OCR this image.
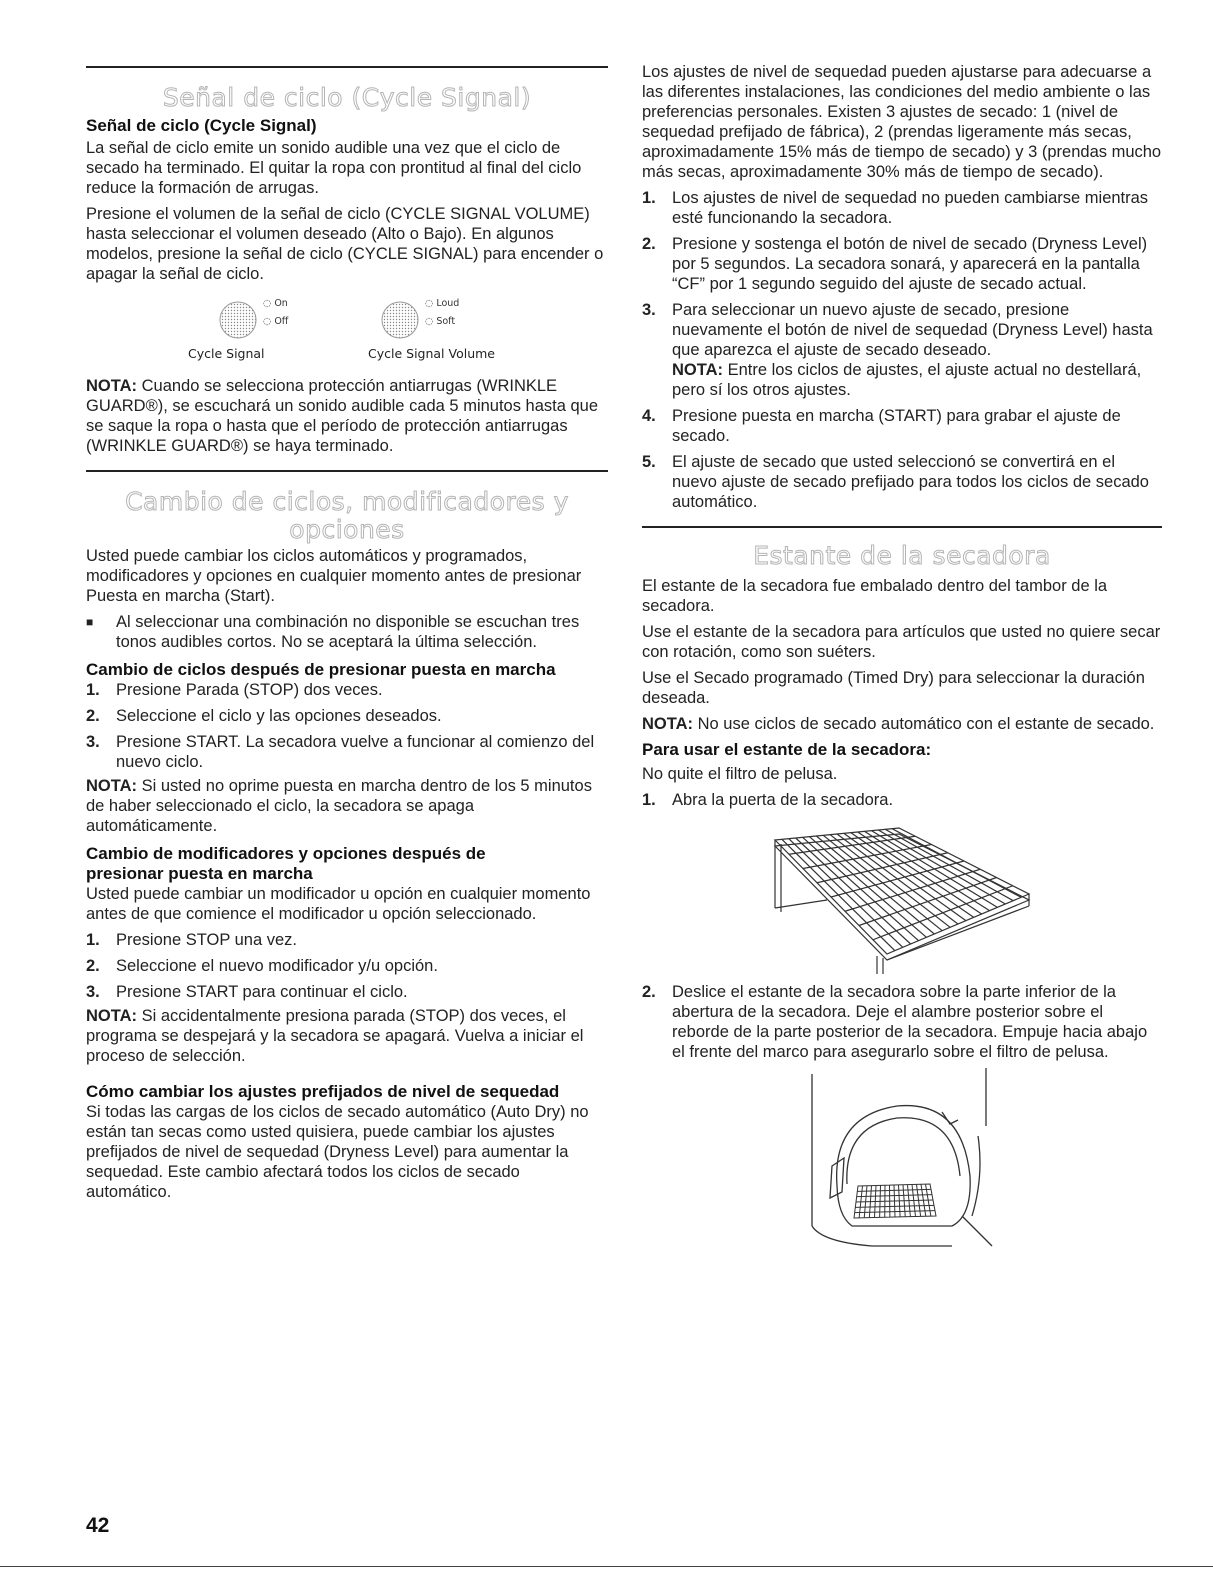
Señal de ciclo (Cycle Signal)
Señal de ciclo (Cycle Signal)

La señal de ciclo emite un sonido audible una vez que el ciclo de secado ha terminado. El quitar la ropa con prontitud al final del ciclo reduce la formación de arrugas.

Presione el volumen de la señal de ciclo (CYCLE SIGNAL VOLUME) hasta seleccionar el volumen deseado (Alto o Bajo). En algunos modelos, presione la señal de ciclo (CYCLE SIGNAL) para encender o apagar la señal de ciclo.

◌ On
◌ Off
Cycle Signal
◌ Loud
◌ Soft
Cycle Signal Volume

NOTA: Cuando se selecciona protección antiarrugas (WRINKLE GUARD®), se escuchará un sonido audible cada 5 minutos hasta que se saque la ropa o hasta que el período de protección antiarrugas (WRINKLE GUARD®) se haya terminado.

Cambio de ciclos, modificadores y
opciones

Usted puede cambiar los ciclos automáticos y programados, modificadores y opciones en cualquier momento antes de presionar Puesta en marcha (Start).

■	Al seleccionar una combinación no disponible se escuchan tres tonos audibles cortos. No se aceptará la última selección.
Cambio de ciclos después de presionar puesta en marcha
1. Presione Parada (STOP) dos veces.
2. Seleccione el ciclo y las opciones deseados.
3. Presione START. La secadora vuelve a funcionar al comienzo del nuevo ciclo.

NOTA: Si usted no oprime puesta en marcha dentro de los 5 minutos de haber seleccionado el ciclo, la secadora se apaga automáticamente.

Cambio de modificadores y opciones después de
presionar puesta en marcha

Usted puede cambiar un modificador u opción en cualquier momento antes de que comience el modificador u opción seleccionado.

1. Presione STOP una vez.
2. Seleccione el nuevo modificador y/u opción.
3. Presione START para continuar el ciclo.

NOTA: Si accidentalmente presiona parada (STOP) dos veces, el programa se despejará y la secadora se apagará. Vuelva a iniciar el proceso de selección.

Cómo cambiar los ajustes prefijados de nivel de sequedad

Si todas las cargas de los ciclos de secado automático (Auto Dry) no están tan secas como usted quisiera, puede cambiar los ajustes prefijados de nivel de sequedad (Dryness Level) para aumentar la sequedad. Este cambio afectará todos los ciclos de secado automático.

Los ajustes de nivel de sequedad pueden ajustarse para adecuarse a las diferentes instalaciones, las condiciones del medio ambiente o las preferencias personales. Existen 3 ajustes de secado: 1 (nivel de sequedad prefijado de fábrica), 2 (prendas ligeramente más secas, aproximadamente 15% más de tiempo de secado) y 3 (prendas mucho más secas, aproximadamente 30% más de tiempo de secado).

1. Los ajustes de nivel de sequedad no pueden cambiarse mientras esté funcionando la secadora.
2. Presione y sostenga el botón de nivel de secado (Dryness Level) por 5 segundos. La secadora sonará, y aparecerá en la pantalla “CF” por 1 segundo seguido del ajuste de secado actual.
3. Para seleccionar un nuevo ajuste de secado, presione nuevamente el botón de nivel de sequedad (Dryness Level) hasta que aparezca el ajuste de secado deseado.
NOTA: Entre los ciclos de ajustes, el ajuste actual no destellará, pero sí los otros ajustes.
4. Presione puesta en marcha (START) para grabar el ajuste de secado.
5. El ajuste de secado que usted seleccionó se convertirá en el nuevo ajuste de secado prefijado para todos los ciclos de secado automático.
Estante de la secadora

El estante de la secadora fue embalado dentro del tambor de la secadora.

Use el estante de la secadora para artículos que usted no quiere secar con rotación, como son suéters.

Use el Secado programado (Timed Dry) para seleccionar la duración deseada.

NOTA: No use ciclos de secado automático con el estante de secado.

Para usar el estante de la secadora:

No quite el filtro de pelusa.

1. Abra la puerta de la secadora.
2. Deslice el estante de la secadora sobre la parte inferior de la abertura de la secadora. Deje el alambre posterior sobre el reborde de la parte posterior de la secadora. Empuje hacia abajo el frente del marco para asegurarlo sobre el filtro de pelusa.
42
